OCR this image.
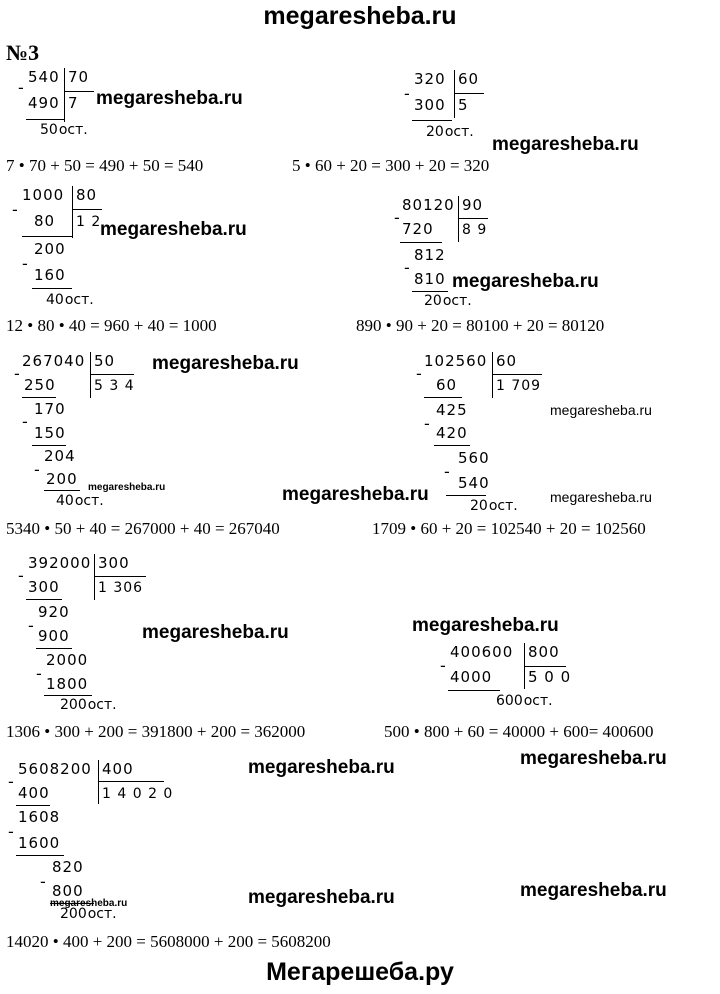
megaresheba.ru
№3
540 70
-
490 7
50ост.
7 • 70 + 50 = 490 + 50 = 540
320 60
-
300 5
20ост.
5 • 60 + 20 = 300 + 20 = 320
1000 80
-
80 1 2
200
-
160
40ост.
12 • 80 • 40 = 960 + 40 = 1000
80120 90
-
720 8 9
812
-
810
20ост.
890 • 90 + 20 = 80100 + 20 = 80120
267040 50
-
250	5 3 4
170
-
150
204
- 200
40ост.
5340 • 50 + 40 = 267000 + 40 = 267040
102560 60
-
60	1 709
425
- 420
560
-
540
20ост.
1709 • 60 + 20 = 102540 + 20 = 102560
392000 300
-
300	1 306
920
-
900
2000
-
1800
200ост.
1306 • 300 + 200 = 391800 + 200 = 362000
400600 800
-
4000 5 0 0
600ост.
500 • 800 + 60 = 40000 + 600= 400600
5608200 400
-
400	1 4 0 2 0
1608
-
1600
820
- 800
200ост.
14020 • 400 + 200 = 5608000 + 200 = 5608200
megaresheba.ru
megaresheba.ru
megaresheba.ru
megaresheba.ru
megaresheba.ru
megaresheba.ru
megaresheba.ru	megaresheba.ru	megaresheba.ru
megaresheba.ru	megaresheba.ru
megaresheba.ru	megaresheba.ru
megaresheba.ru
megaresheba.ru
megaresheba.ru
Мегарешеба.ру
